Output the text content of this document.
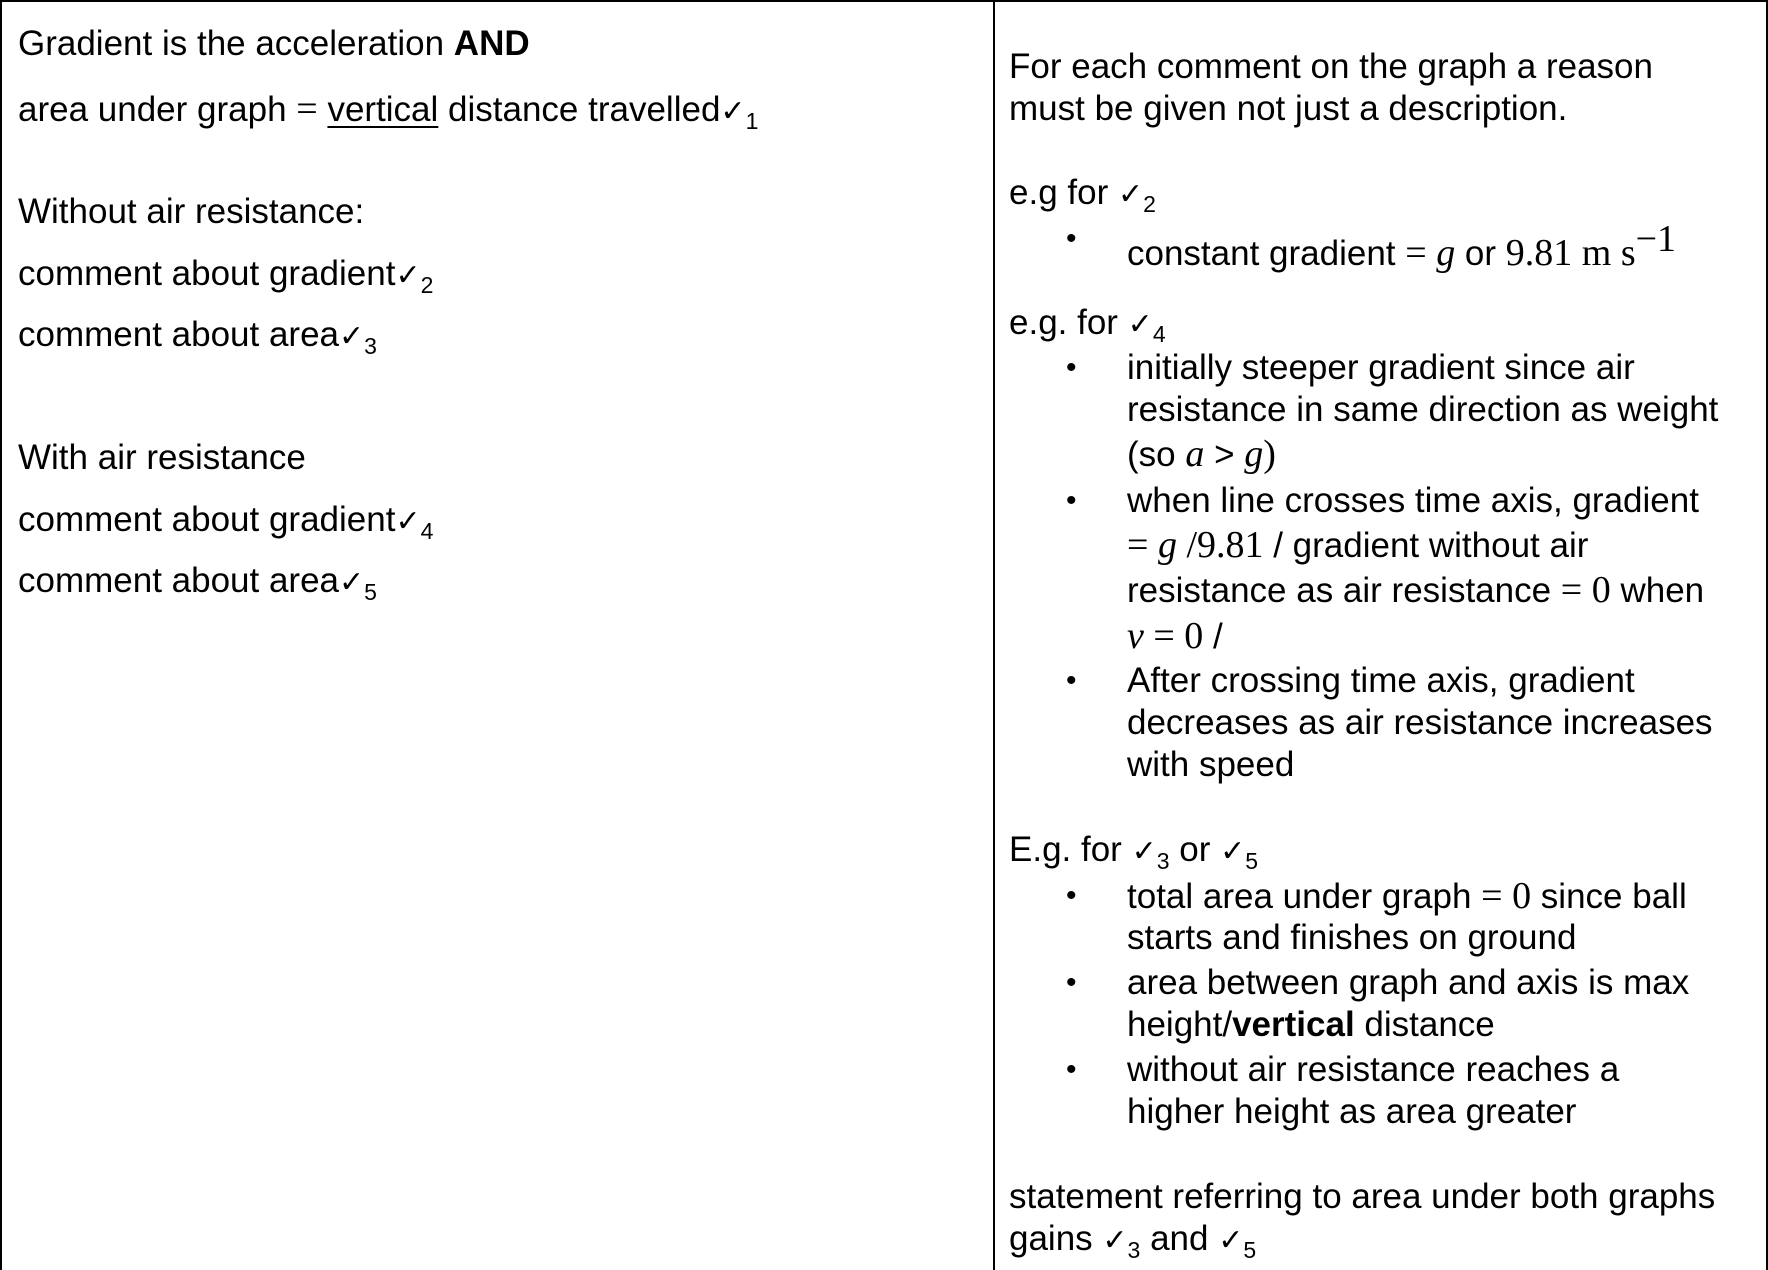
Gradient is the acceleration AND
area under graph = vertical distance $travelled✓_1$
Without air resistance:
comment about $gradient✓_2$
comment about $area✓_3$
With air resistance
comment about $gradient✓_4$
comment about $area✓_5$
For each comment on the graph a reason
must be given not just a description.
e.g for $✓_2$
• constant gradient = g or 9.81 m s−1
e.g. for $✓_4$
• initially steeper gradient since air
resistance in same direction as weight
(so a > g)
• when line crosses time axis, gradient
= g /9.81 / gradient without air
resistance as air resistance = 0 when
v = 0 /
• After crossing time axis, gradient
decreases as air resistance increases
with speed
E.g. for $✓_3$ or $✓_5$
• total area under graph = 0 since ball
starts and finishes on ground
• area between graph and axis is max
height/vertical distance
• without air resistance reaches a
higher height as area greater
statement referring to area under both graphs
gains $✓_3$ and $✓_5$
